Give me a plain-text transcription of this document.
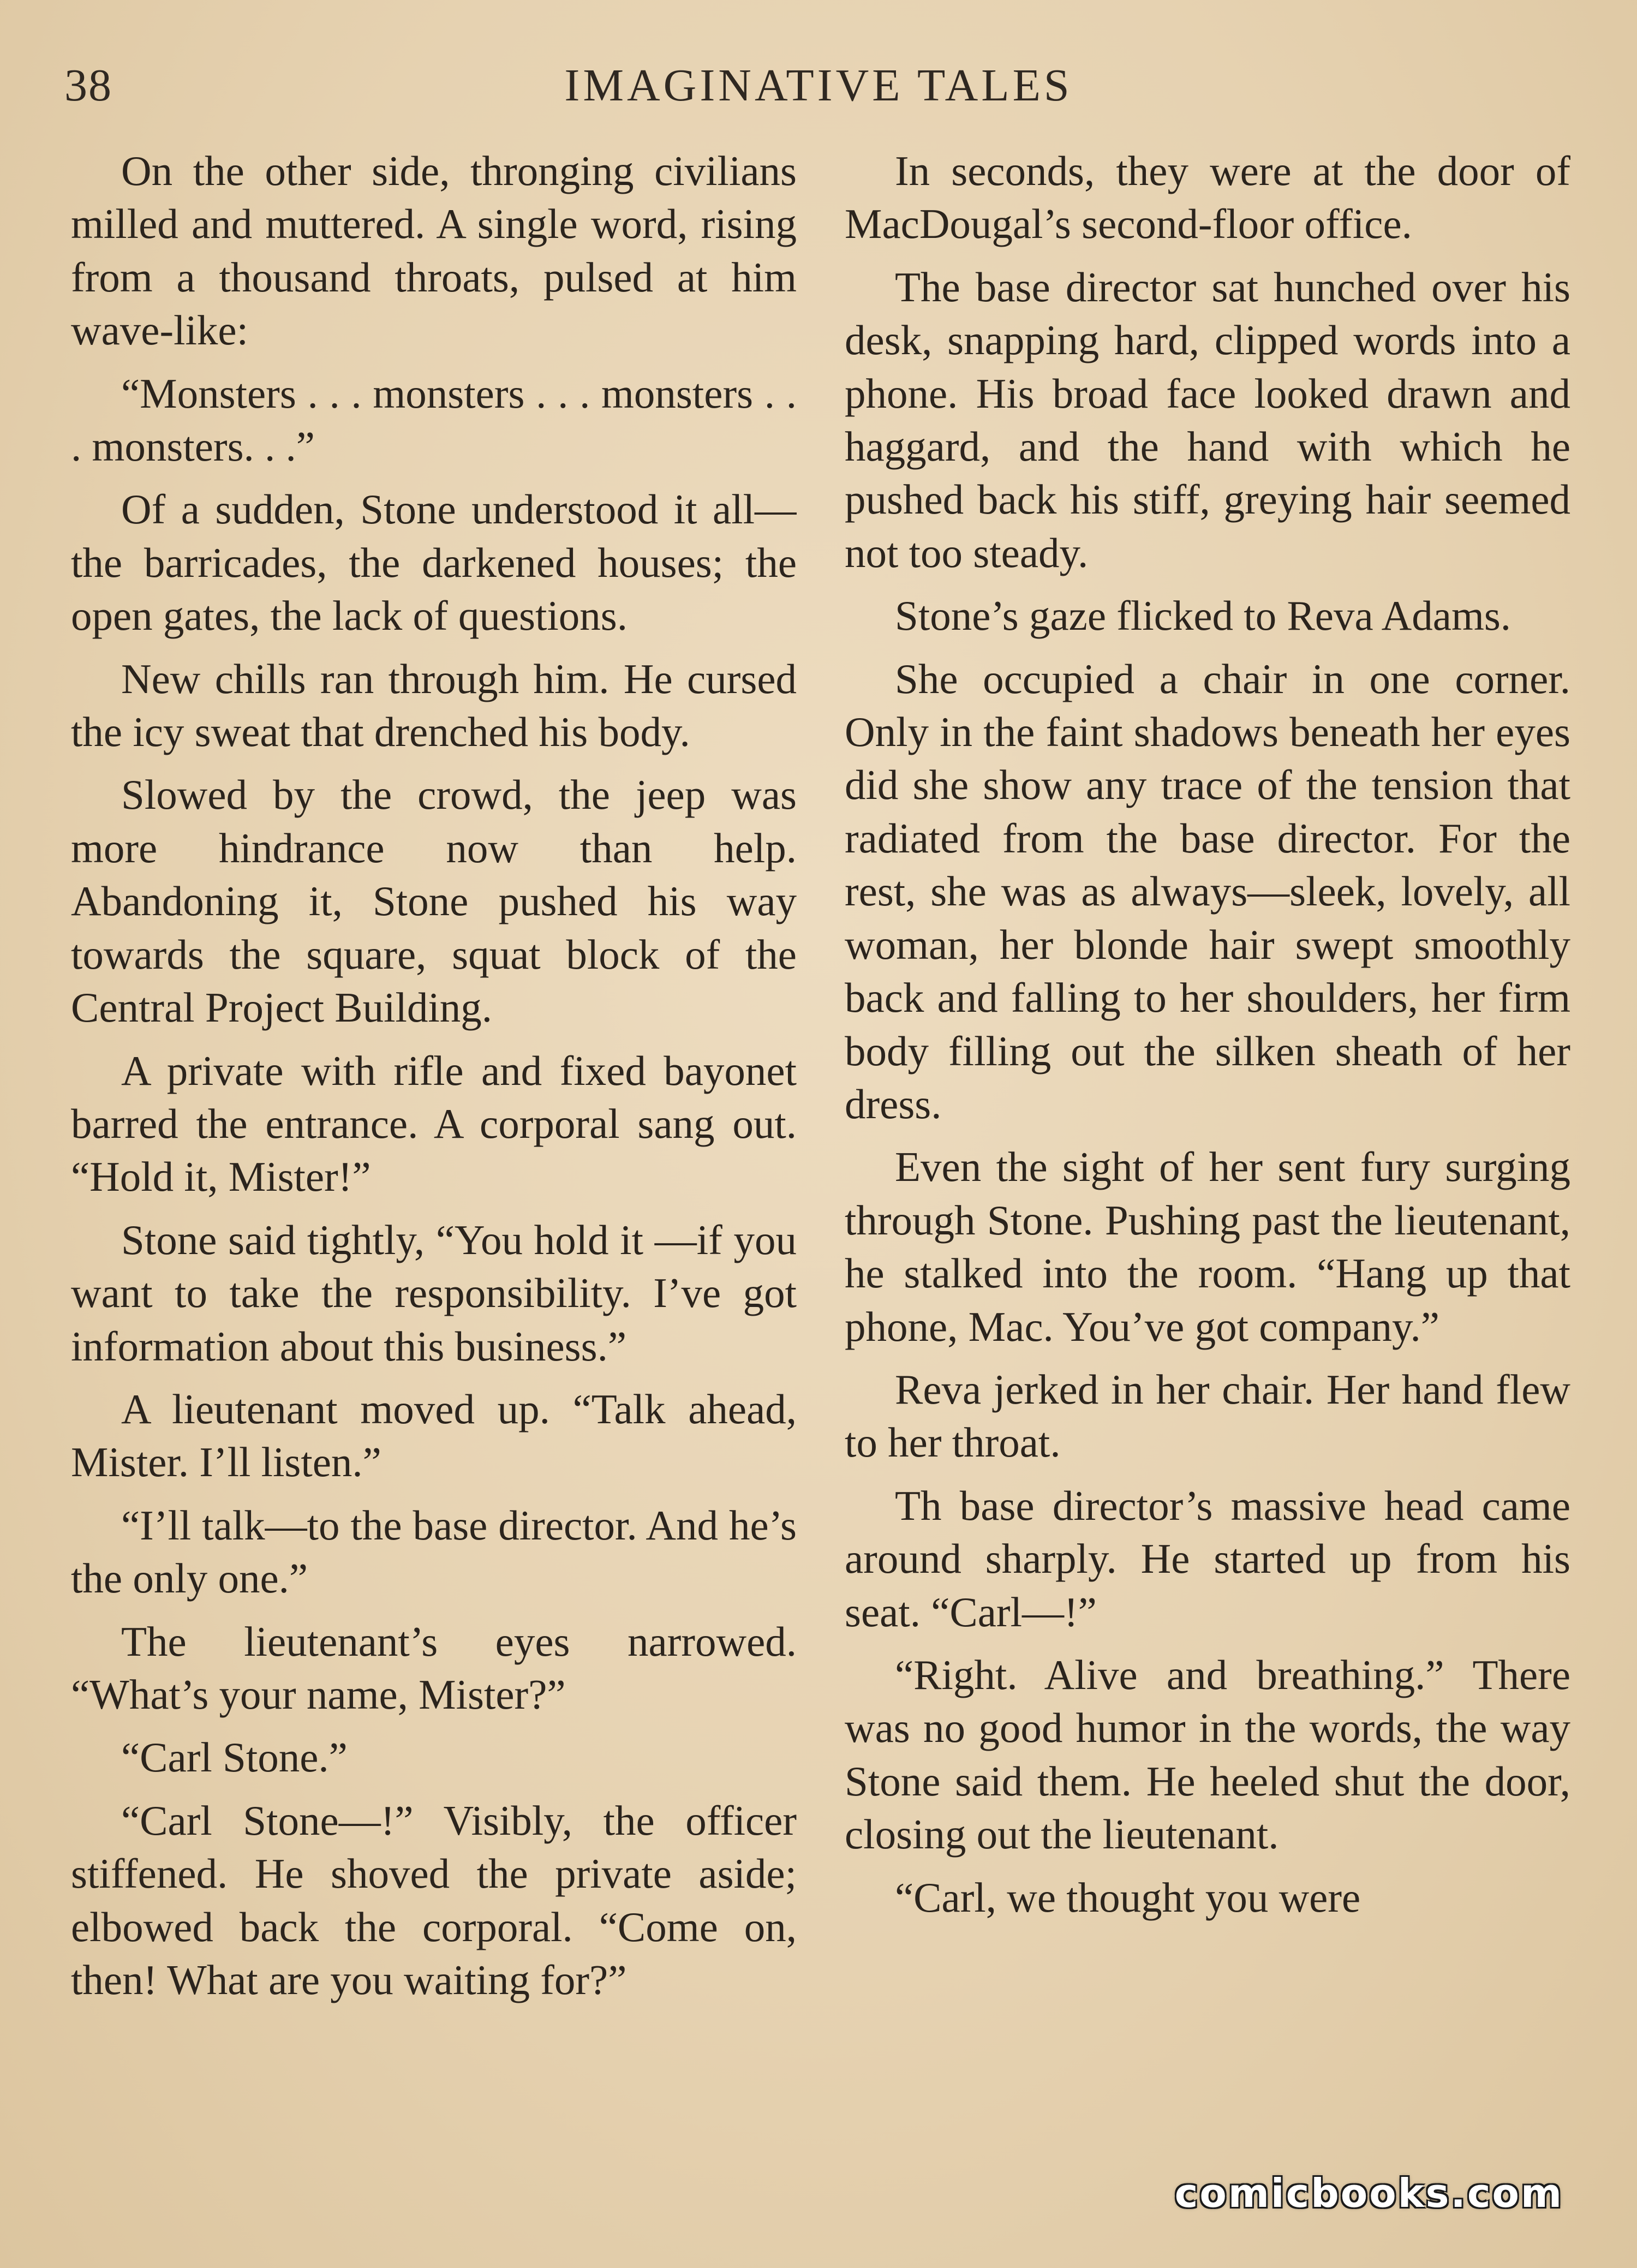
38	IMAGINATIVE TALES

On the other side, thronging civilians milled and muttered. A single word, rising from a thousand throats, pulsed at him wave-like:

“Monsters . . . monsters . . . monsters . . . monsters. . .”

Of a sudden, Stone understood it all—the barricades, the darkened houses; the open gates, the lack of questions.

New chills ran through him. He cursed the icy sweat that drenched his body.

Slowed by the crowd, the jeep was more hindrance now than help. Abandoning it, Stone pushed his way towards the square, squat block of the Central Project Building.

A private with rifle and fixed bayonet barred the entrance. A corporal sang out. “Hold it, Mister!”

Stone said tightly, “You hold it —if you want to take the responsibility. I’ve got information about this business.”

A lieutenant moved up. “Talk ahead, Mister. I’ll listen.”

“I’ll talk—to the base director. And he’s the only one.”

The lieutenant’s eyes narrowed. “What’s your name, Mister?”

“Carl Stone.”

“Carl Stone—!” Visibly, the officer stiffened. He shoved the private aside; elbowed back the corporal. “Come on, then! What are you waiting for?”

In seconds, they were at the door of MacDougal’s second-floor office.

The base director sat hunched over his desk, snapping hard, clipped words into a phone. His broad face looked drawn and haggard, and the hand with which he pushed back his stiff, greying hair seemed not too steady.

Stone’s gaze flicked to Reva Adams.

She occupied a chair in one corner. Only in the faint shadows beneath her eyes did she show any trace of the tension that radiated from the base director. For the rest, she was as always—sleek, lovely, all woman, her blonde hair swept smoothly back and falling to her shoulders, her firm body filling out the silken sheath of her dress.

Even the sight of her sent fury surging through Stone. Pushing past the lieutenant, he stalked into the room. “Hang up that phone, Mac. You’ve got company.”

Reva jerked in her chair. Her hand flew to her throat.

Th base director’s massive head came around sharply. He started up from his seat. “Carl—!”

“Right. Alive and breathing.” There was no good humor in the words, the way Stone said them. He heeled shut the door, closing out the lieutenant.

“Carl, we thought you were

comicbooks.com
